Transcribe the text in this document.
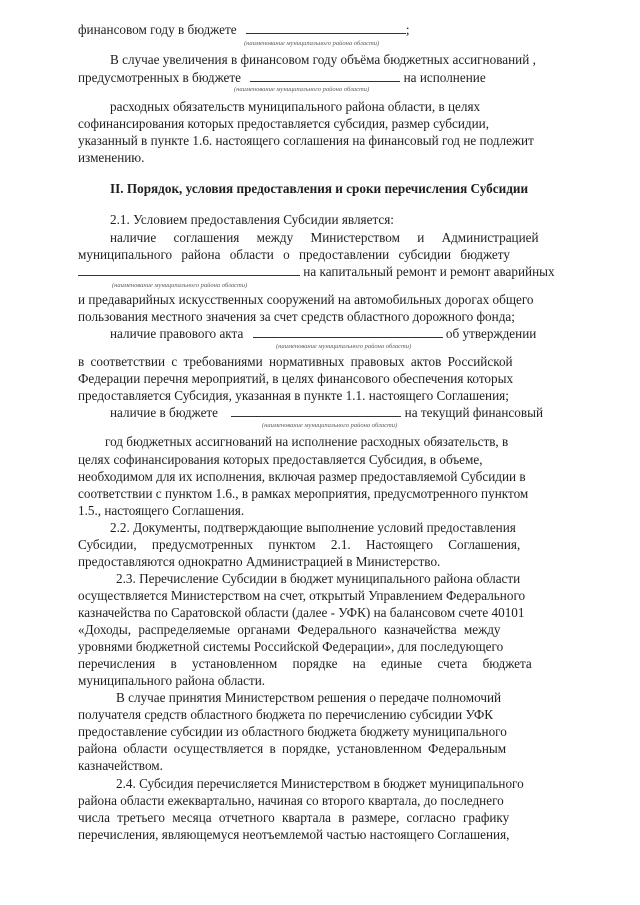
финансовом году в бюджете	;
(наименование муниципального района области)
В случае увеличения в финансовом году объёма бюджетных ассигнований ,
предусмотренных в бюджете	на исполнение
(наименование муниципального района области)
расходных обязательств муниципального района области, в целях
софинансирования которых предоставляется субсидия, размер субсидии,
указанный в пункте 1.6. настоящего соглашения на финансовый год не подлежит
изменению.
II. Порядок, условия предоставления и сроки перечисления Субсидии
2.1. Условием предоставления Субсидии является:
наличие соглашения между Министерством и Администрацией
муниципального района области о предоставлении субсидии бюджету
на капитальный ремонт и ремонт аварийных
(наименование муниципального района области)
и предаварийных искусственных сооружений на автомобильных дорогах общего
пользования местного значения за счет средств областного дорожного фонда;
наличие правового акта	об утверждении
(наименование муниципального района области)
в соответствии с требованиями нормативных правовых актов Российской
Федерации перечня мероприятий, в целях финансового обеспечения которых
предоставляется Субсидия, указанная в пункте 1.1. настоящего Соглашения;
наличие в бюджете	на текущий финансовый
(наименование муниципального района области)
год бюджетных ассигнований на исполнение расходных обязательств, в
целях софинансирования которых предоставляется Субсидия, в объеме,
необходимом для их исполнения, включая размер предоставляемой Субсидии в
соответствии с пунктом 1.6., в рамках мероприятия, предусмотренного пунктом
1.5., настоящего Соглашения.
2.2. Документы, подтверждающие выполнение условий предоставления
Субсидии, предусмотренных пунктом 2.1. Настоящего Соглашения,
предоставляются однократно Администрацией в Министерство.
2.3. Перечисление Субсидии в бюджет муниципального района области
осуществляется Министерством на счет, открытый Управлением Федерального
казначейства по Саратовской области (далее - УФК) на балансовом счете 40101
«Доходы, распределяемые органами Федерального казначейства между
уровнями бюджетной системы Российской Федерации», для последующего
перечисления в установленном порядке на единые счета бюджета
муниципального района области.
В случае принятия Министерством решения о передаче полномочий
получателя средств областного бюджета по перечислению субсидии УФК
предоставление субсидии из областного бюджета бюджету муниципального
района области осуществляется в порядке, установленном Федеральным
казначейством.
2.4. Субсидия перечисляется Министерством в бюджет муниципального
района области ежеквартально, начиная со второго квартала, до последнего
числа третьего месяца отчетного квартала в размере, согласно графику
перечисления, являющемуся неотъемлемой частью настоящего Соглашения,
